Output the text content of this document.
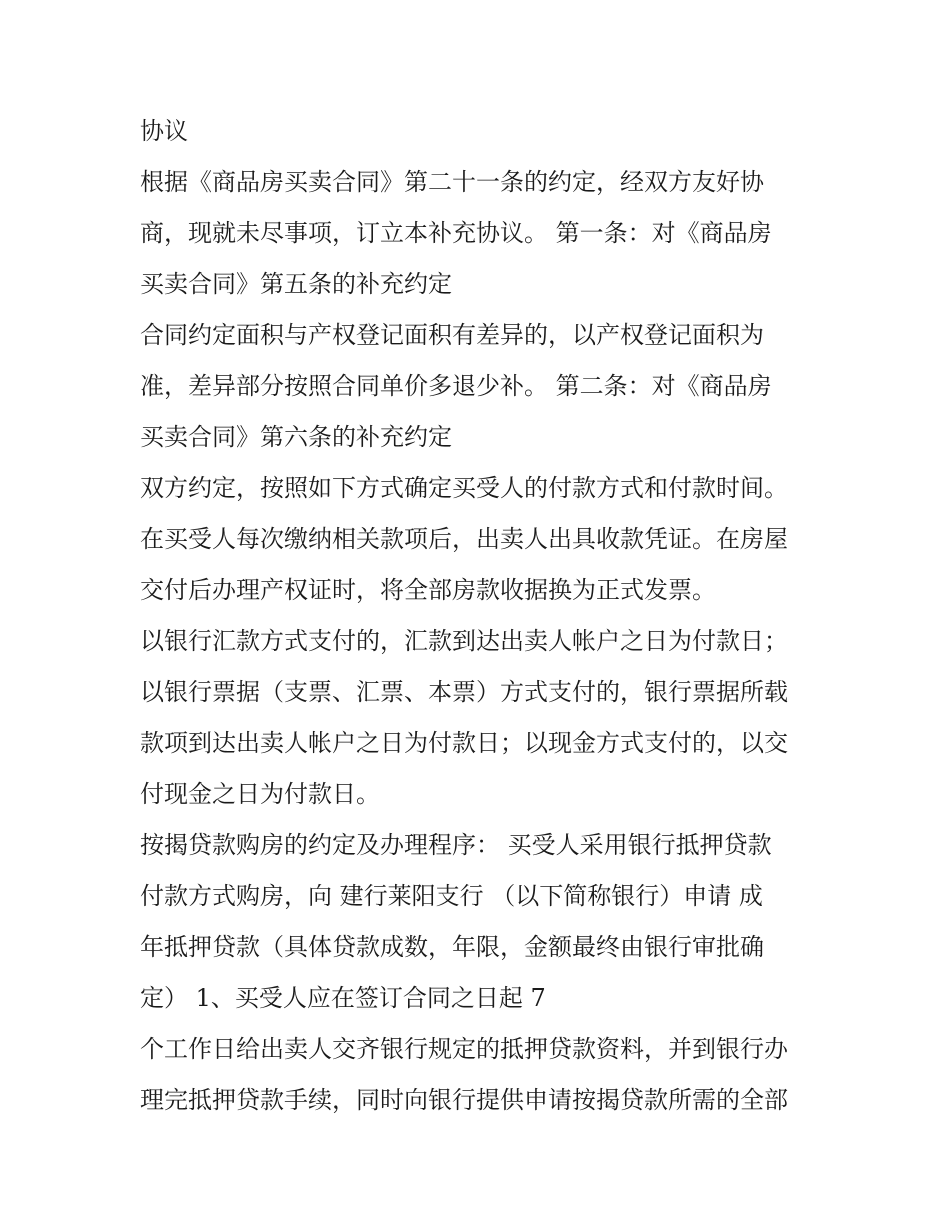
协议
根据《商品房买卖合同》第二十一条的约定，经双方友好协
商，现就未尽事项，订立本补充协议。 第一条：对《商品房
买卖合同》第五条的补充约定
合同约定面积与产权登记面积有差异的，以产权登记面积为
准，差异部分按照合同单价多退少补。 第二条：对《商品房
买卖合同》第六条的补充约定
双方约定，按照如下方式确定买受人的付款方式和付款时间。
在买受人每次缴纳相关款项后，出卖人出具收款凭证。在房屋
交付后办理产权证时，将全部房款收据换为正式发票。
以银行汇款方式支付的，汇款到达出卖人帐户之日为付款日；
以银行票据（支票、汇票、本票）方式支付的，银行票据所载
款项到达出卖人帐户之日为付款日；以现金方式支付的，以交
付现金之日为付款日。
按揭贷款购房的约定及办理程序： 买受人采用银行抵押贷款
付款方式购房，向 建行莱阳支行 （以下简称银行）申请 成
年抵押贷款（具体贷款成数，年限，金额最终由银行审批确
定） 1、买受人应在签订合同之日起 7
个工作日给出卖人交齐银行规定的抵押贷款资料，并到银行办
理完抵押贷款手续，同时向银行提供申请按揭贷款所需的全部
